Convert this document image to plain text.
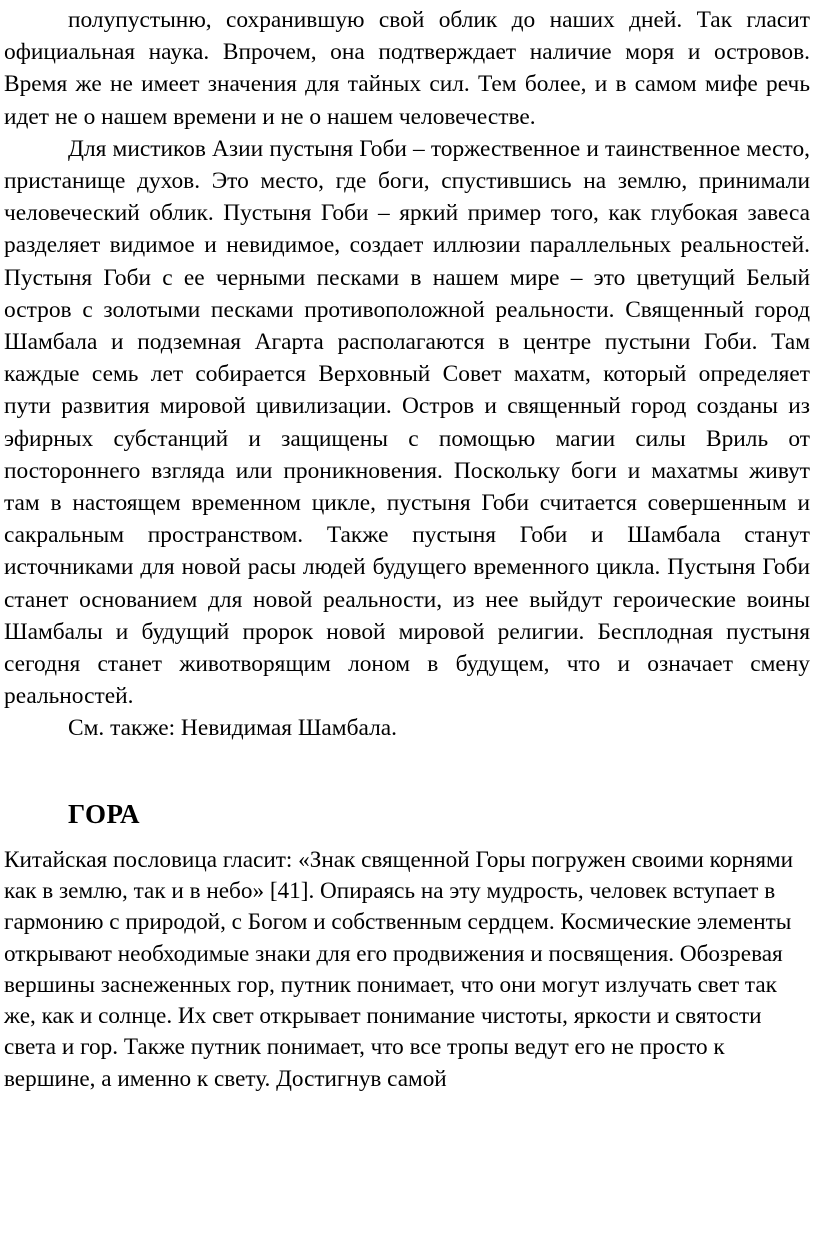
полупустыню, сохранившую свой облик до наших дней. Так гласит официальная наука. Впрочем, она подтверждает наличие моря и островов. Время же не имеет значения для тайных сил. Тем более, и в самом мифе речь идет не о нашем времени и не о нашем человечестве.

Для мистиков Азии пустыня Гоби – торжественное и таинственное место, пристанище духов. Это место, где боги, спустившись на землю, принимали человеческий облик. Пустыня Гоби – яркий пример того, как глубокая завеса разделяет видимое и невидимое, создает иллюзии параллельных реальностей. Пустыня Гоби с ее черными песками в нашем мире – это цветущий Белый остров с золотыми песками противоположной реальности. Священный город Шамбала и подземная Агарта располагаются в центре пустыни Гоби. Там каждые семь лет собирается Верховный Совет махатм, который определяет пути развития мировой цивилизации. Остров и священный город созданы из эфирных субстанций и защищены с помощью магии силы Вриль от постороннего взгляда или проникновения. Поскольку боги и махатмы живут там в настоящем временном цикле, пустыня Гоби считается совершенным и сакральным пространством. Также пустыня Гоби и Шамбала станут источниками для новой расы людей будущего временного цикла. Пустыня Гоби станет основанием для новой реальности, из нее выйдут героические воины Шамбалы и будущий пророк новой мировой религии. Бесплодная пустыня сегодня станет животворящим лоном в будущем, что и означает смену реальностей.

См. также: Невидимая Шамбала.

ГОРА

Китайская пословица гласит: «Знак священной Горы погружен своими корнями как в землю, так и в небо» [41]. Опираясь на эту мудрость, человек вступает в гармонию с природой, с Богом и собственным сердцем. Космические элементы открывают необходимые знаки для его продвижения и посвящения. Обозревая вершины заснеженных гор, путник понимает, что они могут излучать свет так же, как и солнце. Их свет открывает понимание чистоты, яркости и святости света и гор. Также путник понимает, что все тропы ведут его не просто к вершине, а именно к свету. Достигнув самой
